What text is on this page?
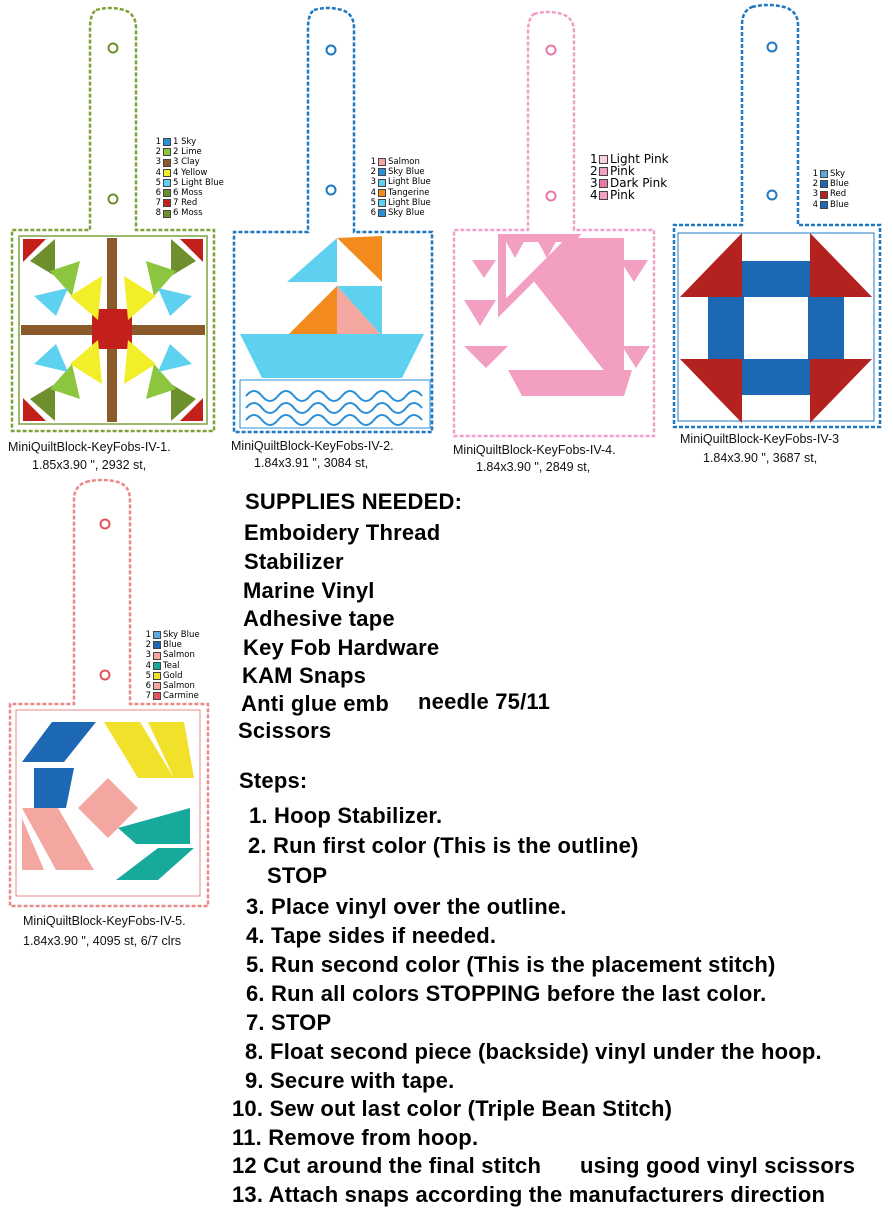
1 1 Sky
2 2 Lime
3 3 Clay
4 4 Yellow
5 5 Light Blue
6 6 Moss
7 7 Red
8 6 Moss
MiniQuiltBlock-KeyFobs-IV-1.
1.85x3.90 ", 2932 st,
1 Salmon
2 Sky Blue
3 Light Blue
4 Tangerine
5 Light Blue
6 Sky Blue
MiniQuiltBlock-KeyFobs-IV-2.
1.84x3.91 ", 3084 st,
1 Light Pink
2 Pink
3 Dark Pink
4 Pink
MiniQuiltBlock-KeyFobs-IV-4.
1.84x3.90 ", 2849 st,
1 Sky
2 Blue
3 Red
4 Blue
MiniQuiltBlock-KeyFobs-IV-3
1.84x3.90 ", 3687 st,
1 Sky Blue
2 Blue
3 Salmon
4 Teal
5 Gold
6 Salmon
7 Carmine
MiniQuiltBlock-KeyFobs-IV-5.
1.84x3.90 ", 4095 st, 6/7 clrs
SUPPLIES NEEDED:
Emboidery Thread
Stabilizer
Marine Vinyl
Adhesive tape
Key Fob Hardware
KAM Snaps
Anti glue emb needle 75/11
Scissors
Steps:
1. Hoop Stabilizer.
2. Run first color (This is the outline)
STOP
3. Place vinyl over the outline.
4. Tape sides if needed.
5. Run second color (This is the placement stitch)
6. Run all colors STOPPING before the last color.
7. STOP
8. Float second piece (backside) vinyl under the hoop.
9. Secure with tape.
10. Sew out last color (Triple Bean Stitch)
11. Remove from hoop.
12 Cut around the final stitch using good vinyl scissors
13. Attach snaps according the manufacturers direction
